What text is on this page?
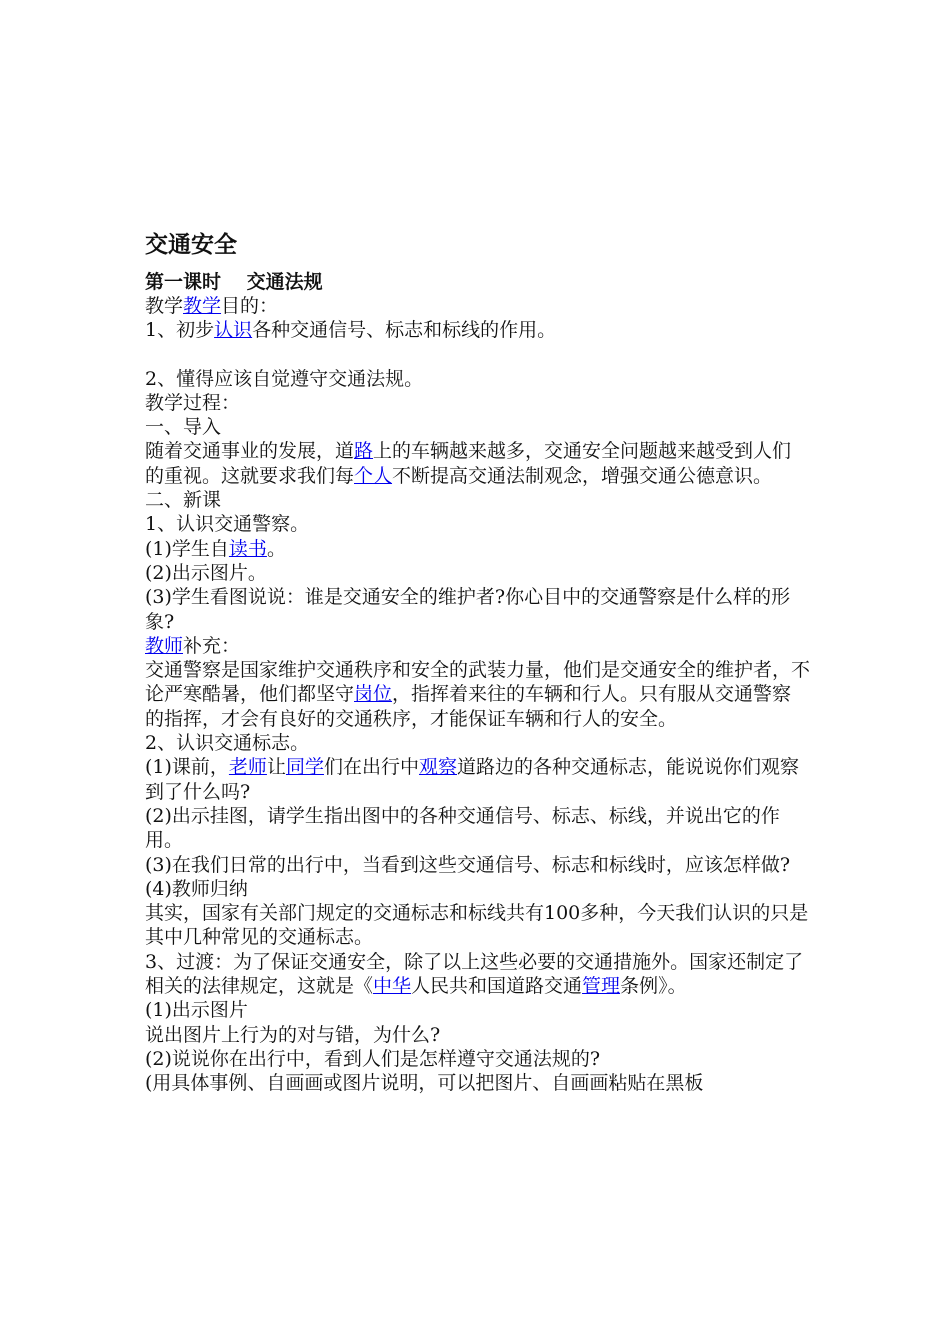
交通安全
第一课时　 交通法规

教学教学目的：

1、初步认识各种交通信号、标志和标线的作用。

2、懂得应该自觉遵守交通法规。

教学过程：

一、导入

随着交通事业的发展，道路上的车辆越来越多，交通安全问题越来越受到人们的重视。这就要求我们每个人不断提高交通法制观念，增强交通公德意识。

二、新课

1、认识交通警察。

(1)学生自读书。

(2)出示图片。

(3)学生看图说说：谁是交通安全的维护者?你心目中的交通警察是什么样的形象?

教师补充：

交通警察是国家维护交通秩序和安全的武装力量，他们是交通安全的维护者，不论严寒酷暑，他们都坚守岗位，指挥着来往的车辆和行人。只有服从交通警察的指挥，才会有良好的交通秩序，才能保证车辆和行人的安全。

2、认识交通标志。

(1)课前，老师让同学们在出行中观察道路边的各种交通标志，能说说你们观察到了什么吗?

(2)出示挂图，请学生指出图中的各种交通信号、标志、标线，并说出它的作用。

(3)在我们日常的出行中，当看到这些交通信号、标志和标线时，应该怎样做?

(4)教师归纳

其实，国家有关部门规定的交通标志和标线共有100多种，今天我们认识的只是其中几种常见的交通标志。

3、过渡：为了保证交通安全，除了以上这些必要的交通措施外。国家还制定了相关的法律规定，这就是《中华人民共和国道路交通管理条例》。

(1)出示图片

说出图片上行为的对与错，为什么?

(2)说说你在出行中，看到人们是怎样遵守交通法规的?

(用具体事例、自画画或图片说明，可以把图片、自画画粘贴在黑板
